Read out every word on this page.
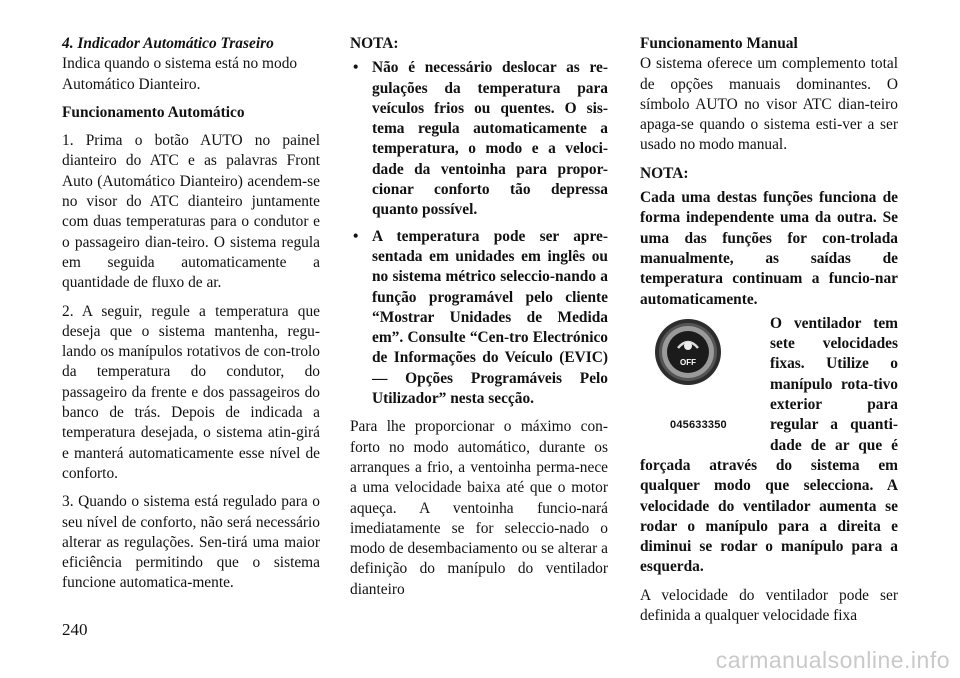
4. Indicador Automático Traseiro
Indica quando o sistema está no modo Automático Dianteiro.

Funcionamento Automático

1. Prima o botão AUTO no painel dianteiro do ATC e as palavras Front Auto (Automático Dianteiro) acendem-se no visor do ATC dianteiro juntamente com duas temperaturas para o condutor e o passageiro dian-teiro. O sistema regula em seguida automaticamente a quantidade de fluxo de ar.

2. A seguir, regule a temperatura que deseja que o sistema mantenha, regu-lando os manípulos rotativos de con-trolo da temperatura do condutor, do passageiro da frente e dos passageiros do banco de trás. Depois de indicada a temperatura desejada, o sistema atin-girá e manterá automaticamente esse nível de conforto.

3. Quando o sistema está regulado para o seu nível de conforto, não será necessário alterar as regulações. Sen-tirá uma maior eficiência permitindo que o sistema funcione automatica-mente.

NOTA:

• Não é necessário deslocar as re-gulações da temperatura para veículos frios ou quentes. O sis-tema regula automaticamente a temperatura, o modo e a veloci-dade da ventoinha para propor-cionar conforto tão depressa quanto possível.
• A temperatura pode ser apre-sentada em unidades em inglês ou no sistema métrico seleccio-nando a função programável pelo cliente “Mostrar Unidades de Medida em”. Consulte “Cen-tro Electrónico de Informações do Veículo (EVIC) — Opções Programáveis Pelo Utilizador” nesta secção.

Para lhe proporcionar o máximo con-forto no modo automático, durante os arranques a frio, a ventoinha perma-nece a uma velocidade baixa até que o motor aqueça. A ventoinha funcio-nará imediatamente se for seleccio-nado o modo de desembaciamento ou se alterar a definição do manípulo do ventilador dianteiro

Funcionamento Manual

O sistema oferece um complemento total de opções manuais dominantes. O símbolo AUTO no visor ATC dian-teiro apaga-se quando o sistema esti-ver a ser usado no modo manual.

NOTA:

Cada uma destas funções funciona de forma independente uma da outra. Se uma das funções for con-trolada manualmente, as saídas de temperatura continuam a funcio-nar automaticamente.

OFF
045633350

O ventilador tem sete velocidades fixas. Utilize o manípulo rota-tivo exterior para regular a quanti-dade de ar que é forçada através do sistema em qualquer modo que selecciona. A velocidade do ventilador aumenta se rodar o manípulo para a direita e diminui se rodar o manípulo para a esquerda.

A velocidade do ventilador pode ser definida a qualquer velocidade fixa

240
carmanualsonline.info
